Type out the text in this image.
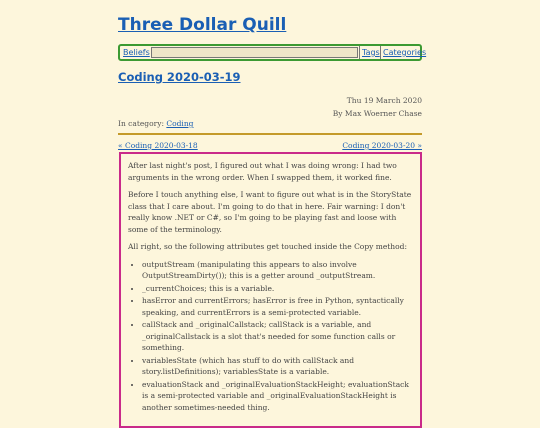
Three Dollar Quill
Beliefs	Tags Categories
Coding 2020-03-19
Thu 19 March 2020
By Max Woerner Chase
In category: Coding
« Coding 2020-03-18	Coding 2020-03-20 »

After last night's post, I figured out what I was doing wrong: I had two arguments in the wrong order. When I swapped them, it worked fine.

Before I touch anything else, I want to figure out what is in the StoryState class that I care about. I'm going to do that in here. Fair warning: I don't really know .NET or C#, so I'm going to be playing fast and loose with some of the terminology.

All right, so the following attributes get touched inside the Copy method:

• outputStream (manipulating this appears to also involve OutputStreamDirty()); this is a getter around _outputStream.
• _currentChoices; this is a variable.
• hasError and currentErrors; hasError is free in Python, syntactically speaking, and currentErrors is a semi-protected variable.
• callStack and _originalCallstack; callStack is a variable, and _originalCallstack is a slot that's needed for some function calls or something.
• variablesState (which has stuff to do with callStack and story.listDefinitions); variablesState is a variable.
• evaluationStack and _originalEvaluationStackHeight; evaluationStack is a semi-protected variable and _originalEvaluationStackHeight is another sometimes-needed thing.
